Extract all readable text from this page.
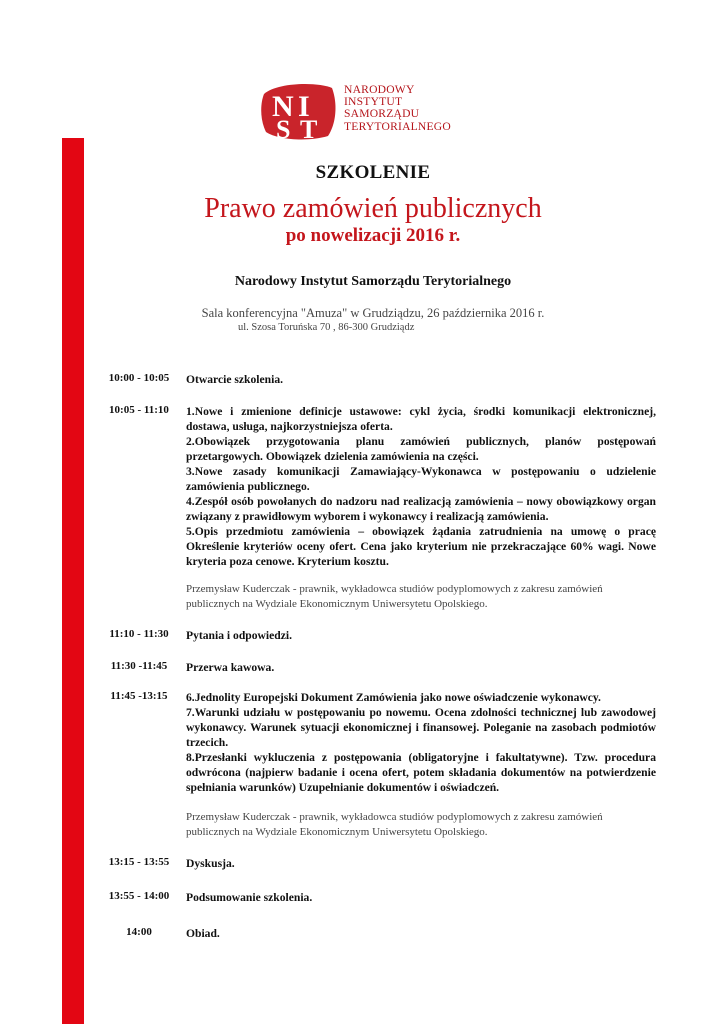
N I
S T
NARODOWY
INSTYTUT
SAMORZĄDU
TERYTORIALNEGO
SZKOLENIE
Prawo zamówień publicznych
po nowelizacji 2016 r.
Narodowy Instytut Samorządu Terytorialnego
Sala konferencyjna "Amuza" w Grudziądzu, 26 października 2016 r.
ul. Szosa Toruńska 70 , 86-300 Grudziądz
10:00 - 10:05	Otwarcie szkolenia.

10:05 - 11:10	1.Nowe i zmienione definicje ustawowe: cykl życia, środki komunikacji elektronicznej, dostawa, usługa, najkorzystniejsza oferta.

2.Obowiązek przygotowania planu zamówień publicznych, planów postępowań przetargowych. Obowiązek dzielenia zamówienia na części.

3.Nowe zasady komunikacji Zamawiający-Wykonawca w postępowaniu o udzielenie zamówienia publicznego.

4.Zespół osób powołanych do nadzoru nad realizacją zamówienia – nowy obowiązkowy organ związany z prawidłowym wyborem i wykonawcy i realizacją zamówienia.

5.Opis przedmiotu zamówienia – obowiązek żądania zatrudnienia na umowę o pracę Określenie kryteriów oceny ofert. Cena jako kryterium nie przekraczające 60% wagi. Nowe kryteria poza cenowe. Kryterium kosztu.

Przemysław Kuderczak - prawnik, wykładowca studiów podyplomowych z zakresu zamówień publicznych na Wydziale Ekonomicznym Uniwersytetu Opolskiego.
11:10 - 11:30	Pytania i odpowiedzi.

11:30 -11:45	Przerwa kawowa.

11:45 -13:15	6.Jednolity Europejski Dokument Zamówienia jako nowe oświadczenie wykonawcy.

7.Warunki udziału w postępowaniu po nowemu. Ocena zdolności technicznej lub zawodowej wykonawcy. Warunek sytuacji ekonomicznej i finansowej. Poleganie na zasobach podmiotów trzecich.

8.Przesłanki wykluczenia z postępowania (obligatoryjne i fakultatywne). Tzw. procedura odwrócona (najpierw badanie i ocena ofert, potem składania dokumentów na potwierdzenie spełniania warunków) Uzupełnianie dokumentów i oświadczeń.

Przemysław Kuderczak - prawnik, wykładowca studiów podyplomowych z zakresu zamówień publicznych na Wydziale Ekonomicznym Uniwersytetu Opolskiego.
13:15 - 13:55	Dyskusja.

13:55 - 14:00	Podsumowanie szkolenia.

14:00	Obiad.
